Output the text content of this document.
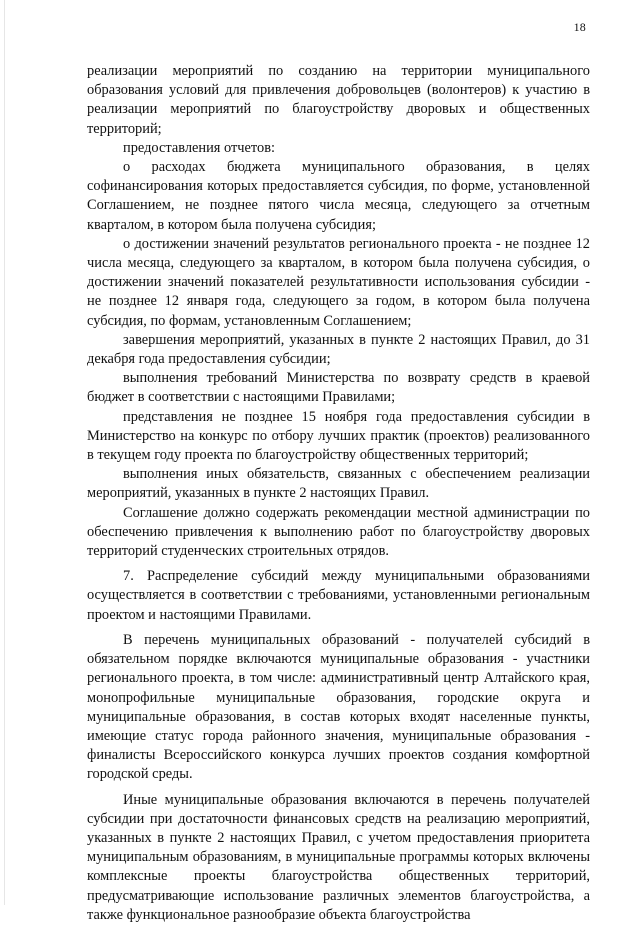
18

реализации мероприятий по созданию на территории муниципального образования условий для привлечения добровольцев (волонтеров) к участию в реализации мероприятий по благоустройству дворовых и общественных территорий;

предоставления отчетов:

о расходах бюджета муниципального образования, в целях софинансирования которых предоставляется субсидия, по форме, установленной Соглашением, не позднее пятого числа месяца, следующего за отчетным кварталом, в котором была получена субсидия;

о достижении значений результатов регионального проекта - не позднее 12 числа месяца, следующего за кварталом, в котором была получена субсидия, о достижении значений показателей результативности использования субсидии - не позднее 12 января года, следующего за годом, в котором была получена субсидия, по формам, установленным Соглашением;

завершения мероприятий, указанных в пункте 2 настоящих Правил, до 31 декабря года предоставления субсидии;

выполнения требований Министерства по возврату средств в краевой бюджет в соответствии с настоящими Правилами;

представления не позднее 15 ноября года предоставления субсидии в Министерство на конкурс по отбору лучших практик (проектов) реализованного в текущем году проекта по благоустройству общественных территорий;

выполнения иных обязательств, связанных с обеспечением реализации мероприятий, указанных в пункте 2 настоящих Правил.

Соглашение должно содержать рекомендации местной администрации по обеспечению привлечения к выполнению работ по благоустройству дворовых территорий студенческих строительных отрядов.

7. Распределение субсидий между муниципальными образованиями осуществляется в соответствии с требованиями, установленными региональным проектом и настоящими Правилами.

В перечень муниципальных образований - получателей субсидий в обязательном порядке включаются муниципальные образования - участники регионального проекта, в том числе: административный центр Алтайского края, монопрофильные муниципальные образования, городские округа и муниципальные образования, в состав которых входят населенные пункты, имеющие статус города районного значения, муниципальные образования - финалисты Всероссийского конкурса лучших проектов создания комфортной городской среды.

Иные муниципальные образования включаются в перечень получателей субсидии при достаточности финансовых средств на реализацию мероприятий, указанных в пункте 2 настоящих Правил, с учетом предоставления приоритета муниципальным образованиям, в муниципальные программы которых включены комплексные проекты благоустройства общественных территорий, предусматривающие использование различных элементов благоустройства, а также функциональное разнообразие объекта благоустройства
